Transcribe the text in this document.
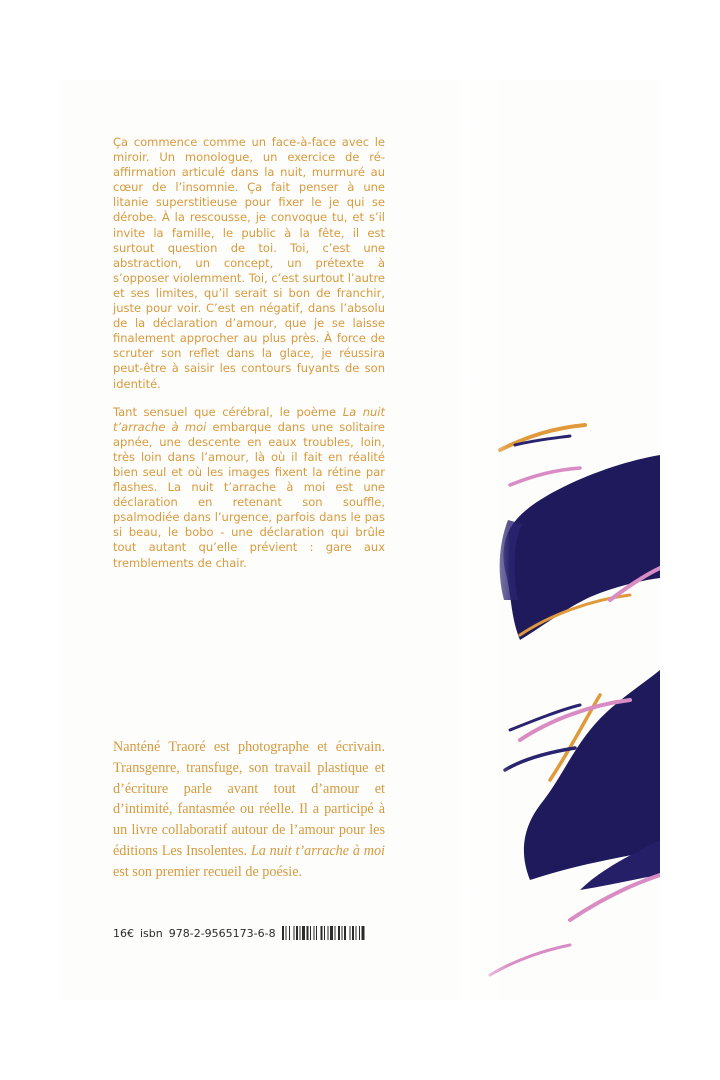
Ça commence comme un face-à-face avec le miroir. Un monologue, un exercice de ré-affirmation articulé dans la nuit, murmuré au cœur de l’insomnie. Ça fait penser à une litanie superstitieuse pour fixer le je qui se dérobe. À la rescousse, je convoque tu, et s’il invite la famille, le public à la fête, il est surtout question de toi. Toi, c’est une abstraction, un concept, un prétexte à s’opposer violemment. Toi, c’est surtout l’autre et ses limites, qu’il serait si bon de franchir, juste pour voir. C’est en négatif, dans l’absolu de la déclaration d’amour, que je se laisse finalement approcher au plus près. À force de scruter son reflet dans la glace, je réussira peut-être à saisir les contours fuyants de son identité.

Tant sensuel que cérébral, le poème La nuit t’arrache à moi embarque dans une solitaire apnée, une descente en eaux troubles, loin, très loin dans l’amour, là où il fait en réalité bien seul et où les images fixent la rétine par flashes. La nuit t’arrache à moi est une déclaration en retenant son souffle, psalmodiée dans l’urgence, parfois dans le pas si beau, le bobo - une déclaration qui brûle tout autant qu’elle prévient : gare aux tremblements de chair.

Nanténé Traoré est photographe et écrivain. Transgenre, transfuge, son travail plastique et d’écriture parle avant tout d’amour et d’intimité, fantasmée ou réelle. Il a participé à un livre collaboratif autour de l’amour pour les éditions Les Insolentes. La nuit t’arrache à moi est son premier recueil de poésie.

16€ isbn 978-2-9565173-6-8
